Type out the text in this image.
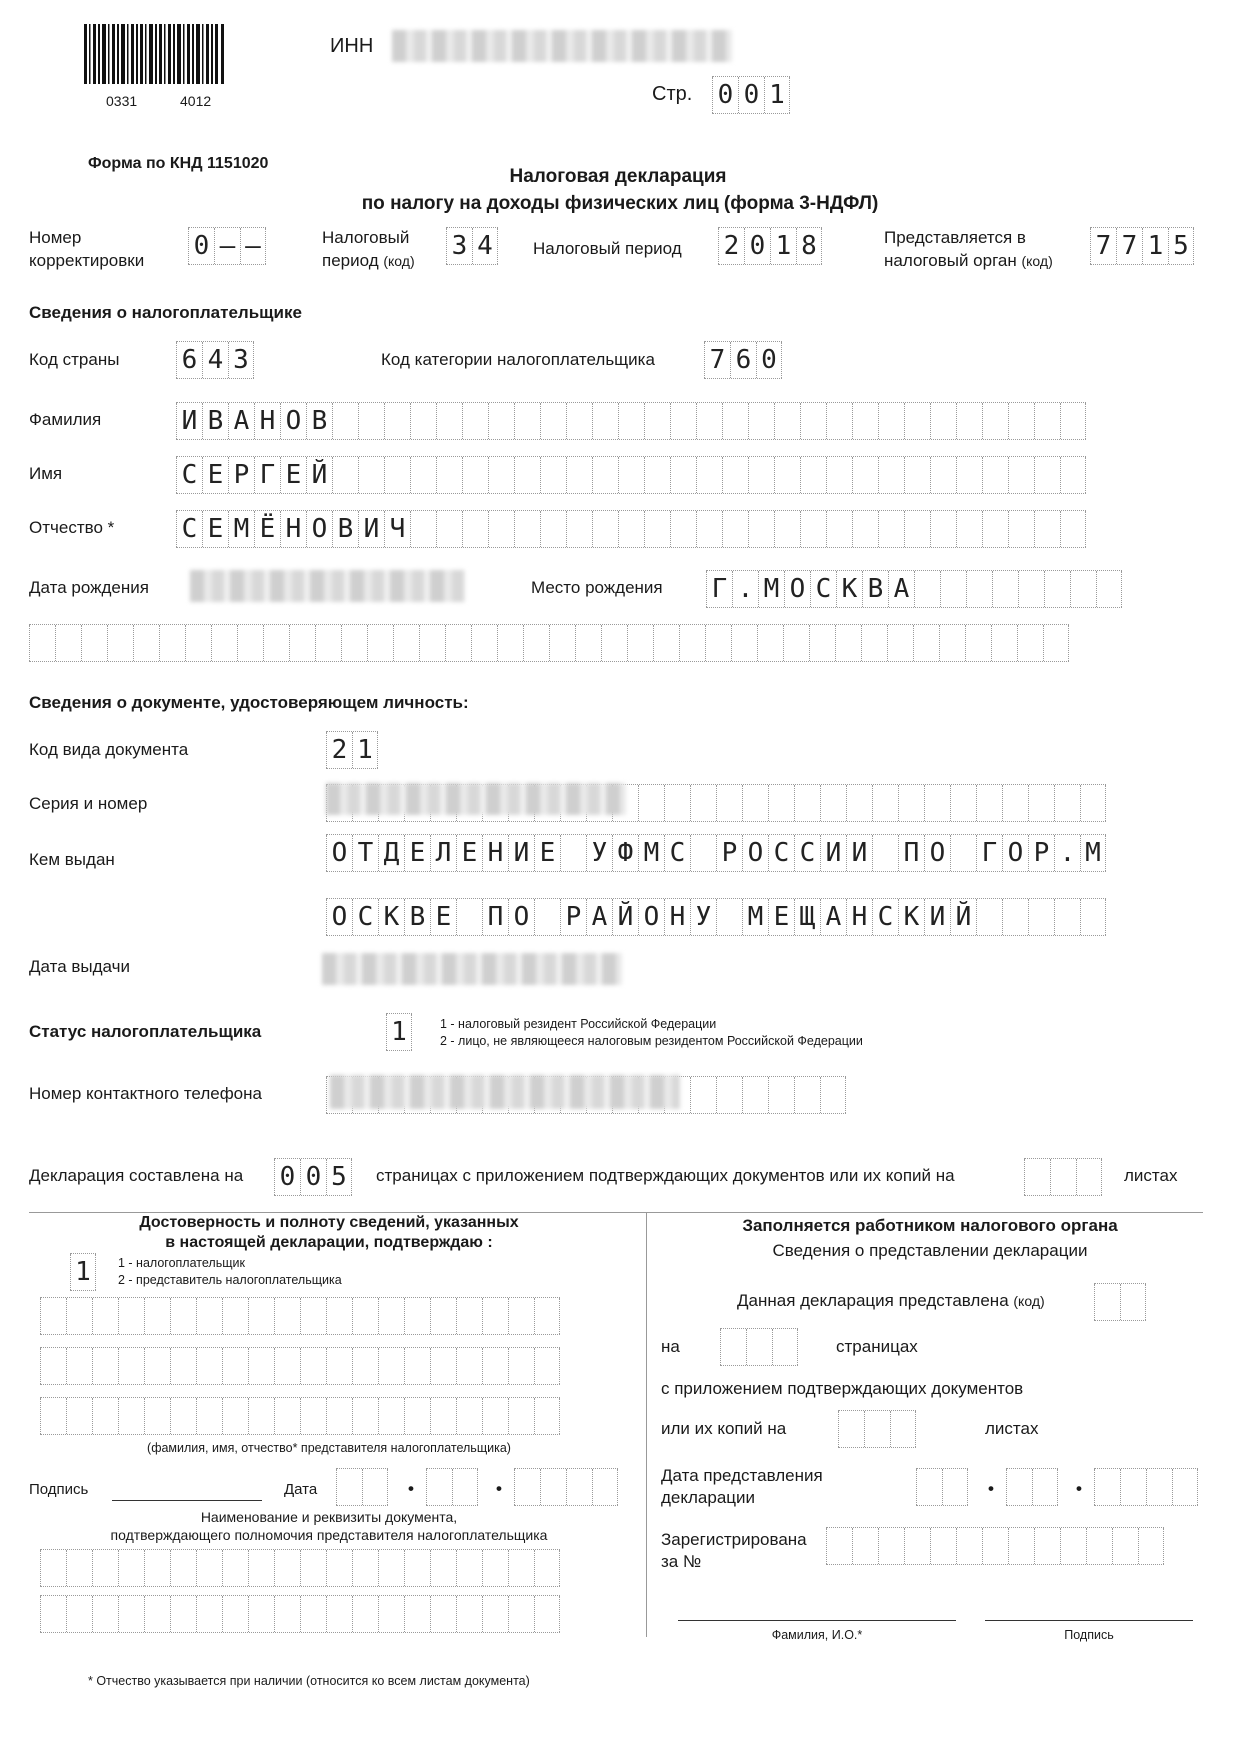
0331	4012
ИНН
Стр. 0 0 1
Форма по КНД 1151020
Налоговая декларация
по налогу на доходы физических лиц (форма 3-НДФЛ)
Номер
корректировки 0 – –	Налоговый
период (код) 3 4	Налоговый период 2 0 1 8	Представляется в
налоговый орган (код) 7 7 1 5
Сведения о налогоплательщике
Код страны 6 4 3	Код категории налогоплательщика 7 6 0
Фамилия	И В А Н О В
Имя	С Е Р Г Е Й
Отчество *	С Е М Ё Н О В И Ч
Дата рождения	Место рождения Г . М О С К В А
Сведения о документе, удостоверяющем личность:
Код вида документа	2 1
Серия и номер
Кем выдан	О Т Д Е Л Е Н И Е У Ф М С Р О С С И И П О Г О Р . М
О С К В Е П О Р А Й О Н У М Е Щ А Н С К И Й
Дата выдачи
Статус налогоплательщика	1	1 - налоговый резидент Российской Федерации
2 - лицо, не являющееся налоговым резидентом Российской Федерации
Номер контактного телефона
Декларация составлена на 0 0 5	страницах с приложением подтверждающих документов или их копий на	листах
Достоверность и полноту сведений, указанных
в настоящей декларации, подтверждаю :
1	1 - налогоплательщик
2 - представитель налогоплательщика
(фамилия, имя, отчество* представителя налогоплательщика)
Подпись	Дата	•	•
Наименование и реквизиты документа,
подтверждающего полномочия представителя налогоплательщика
Заполняется работником налогового органа
Сведения о представлении декларации
Данная декларация представлена (код)
на	страницах
с приложением подтверждающих документов
или их копий на	листах
Дата представления
декларации	•	•
Зарегистрирована
за №
Фамилия, И.О.*	Подпись
* Отчество указывается при наличии (относится ко всем листам документа)
